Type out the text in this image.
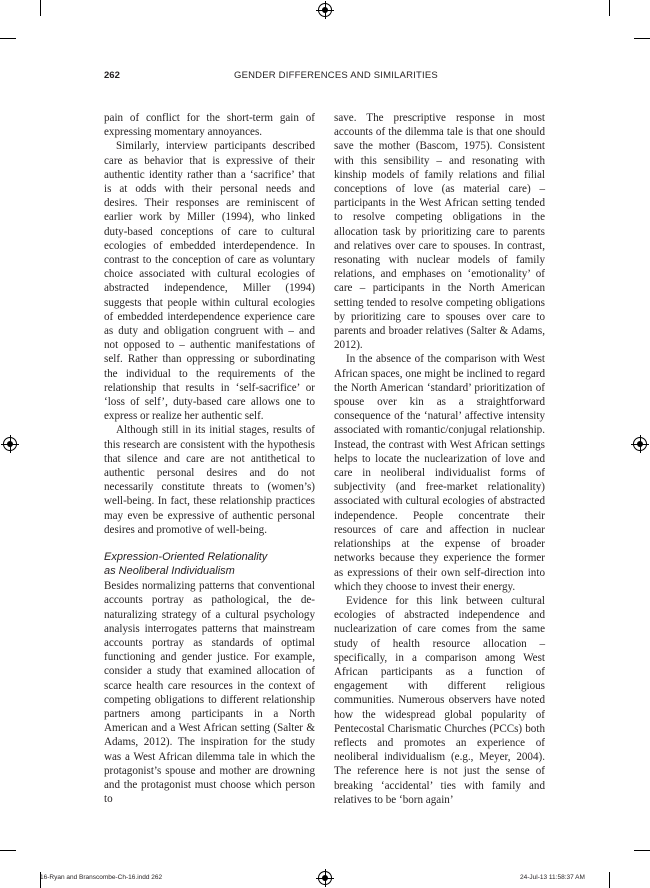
262	GENDER DIFFERENCES AND SIMILARITIES

pain of conflict for the short-term gain of expressing momentary annoyances.

Similarly, interview participants described care as behavior that is expressive of their authentic identity rather than a ‘sacrifice’ that is at odds with their personal needs and desires. Their responses are reminiscent of earlier work by Miller (1994), who linked duty-based conceptions of care to cultural ecologies of embedded interdependence. In contrast to the conception of care as voluntary choice associated with cultural ecologies of abstracted independence, Miller (1994) suggests that people within cultural ecologies of embedded interdependence experience care as duty and obligation congruent with – and not opposed to – authentic manifestations of self. Rather than oppressing or subordinating the individual to the requirements of the relationship that results in ‘self-sacrifice’ or ‘loss of self’, duty-based care allows one to express or realize her authentic self.

Although still in its initial stages, results of this research are consistent with the hypothesis that silence and care are not antithetical to authentic personal desires and do not necessarily constitute threats to (women’s) well-being. In fact, these relationship practices may even be expressive of authentic personal desires and promotive of well-being.

Expression-Oriented Relationality
as Neoliberal Individualism

Besides normalizing patterns that conventional accounts portray as pathological, the de-naturalizing strategy of a cultural psychology analysis interrogates patterns that mainstream accounts portray as standards of optimal functioning and gender justice. For example, consider a study that examined allocation of scarce health care resources in the context of competing obligations to different relationship partners among participants in a North American and a West African setting (Salter & Adams, 2012). The inspiration for the study was a West African dilemma tale in which the protagonist’s spouse and mother are drowning and the protagonist must choose which person to

save. The prescriptive response in most accounts of the dilemma tale is that one should save the mother (Bascom, 1975). Consistent with this sensibility – and resonating with kinship models of family relations and filial conceptions of love (as material care) – participants in the West African setting tended to resolve competing obligations in the allocation task by prioritizing care to parents and relatives over care to spouses. In contrast, resonating with nuclear models of family relations, and emphases on ‘emotionality’ of care – participants in the North American setting tended to resolve competing obligations by prioritizing care to spouses over care to parents and broader relatives (Salter & Adams, 2012).

In the absence of the comparison with West African spaces, one might be inclined to regard the North American ‘standard’ prioritization of spouse over kin as a straightforward consequence of the ‘natural’ affective intensity associated with romantic/conjugal relationship. Instead, the contrast with West African settings helps to locate the nuclearization of love and care in neoliberal individualist forms of subjectivity (and free-market relationality) associated with cultural ecologies of abstracted independence. People concentrate their resources of care and affection in nuclear relationships at the expense of broader networks because they experience the former as expressions of their own self-direction into which they choose to invest their energy.

Evidence for this link between cultural ecologies of abstracted independence and nuclearization of care comes from the same study of health resource allocation – specifically, in a comparison among West African participants as a function of engagement with different religious communities. Numerous observers have noted how the widespread global popularity of Pentecostal Charismatic Churches (PCCs) both reflects and promotes an experience of neoliberal individualism (e.g., Meyer, 2004). The reference here is not just the sense of breaking ‘accidental’ ties with family and relatives to be ‘born again’

16-Ryan and Branscombe-Ch-16.indd 262	24-Jul-13 11:58:37 AM
